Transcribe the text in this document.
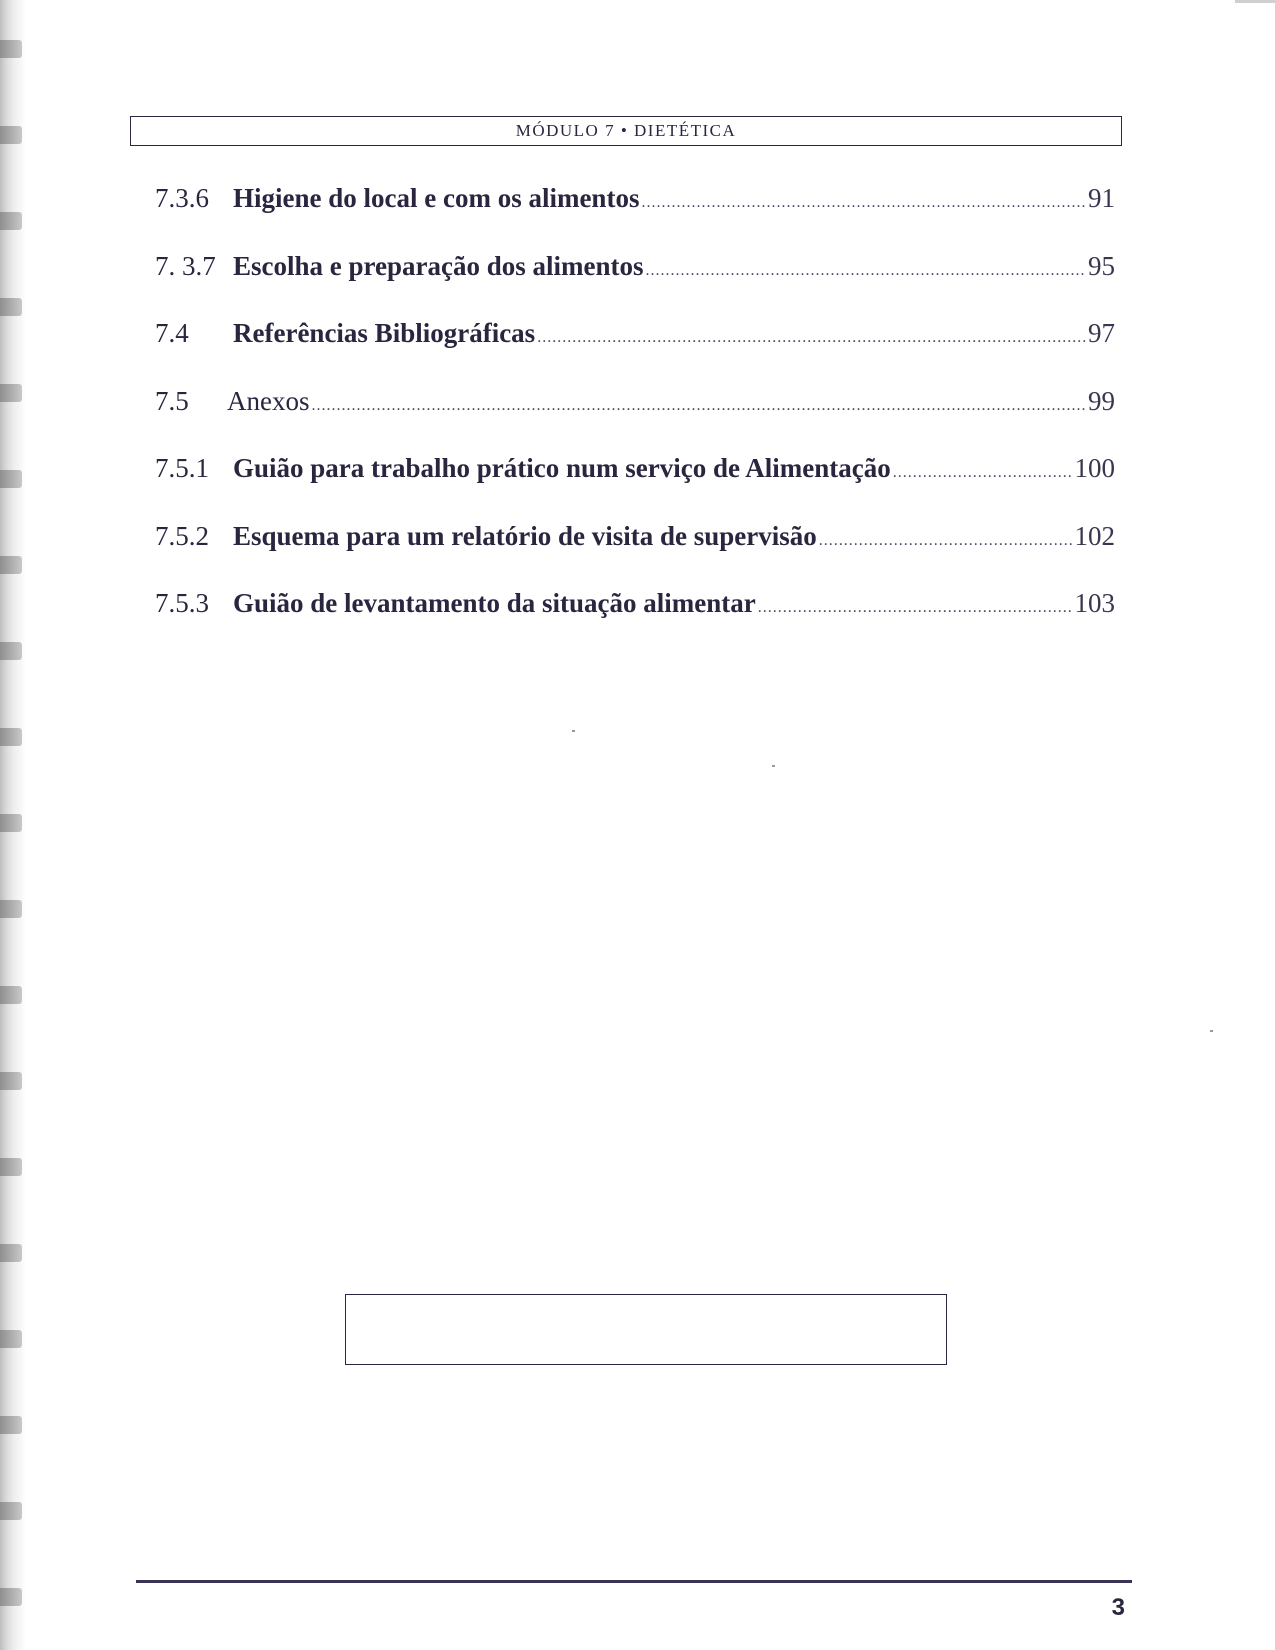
MÓDULO 7 • DIETÉTICA
7.3.6 Higiene do local e com os alimentos .....	91
7. 3.7 Escolha e preparação dos alimentos .....	95
7.4	Referências Bibliográficas .....	97
7.5	Anexos .....	99
7.5.1 Guião para trabalho prático num serviço de Alimentação .....	100
7.5.2 Esquema para um relatório de visita de supervisão .....	102
7.5.3 Guião de levantamento da situação alimentar .....	103
3
